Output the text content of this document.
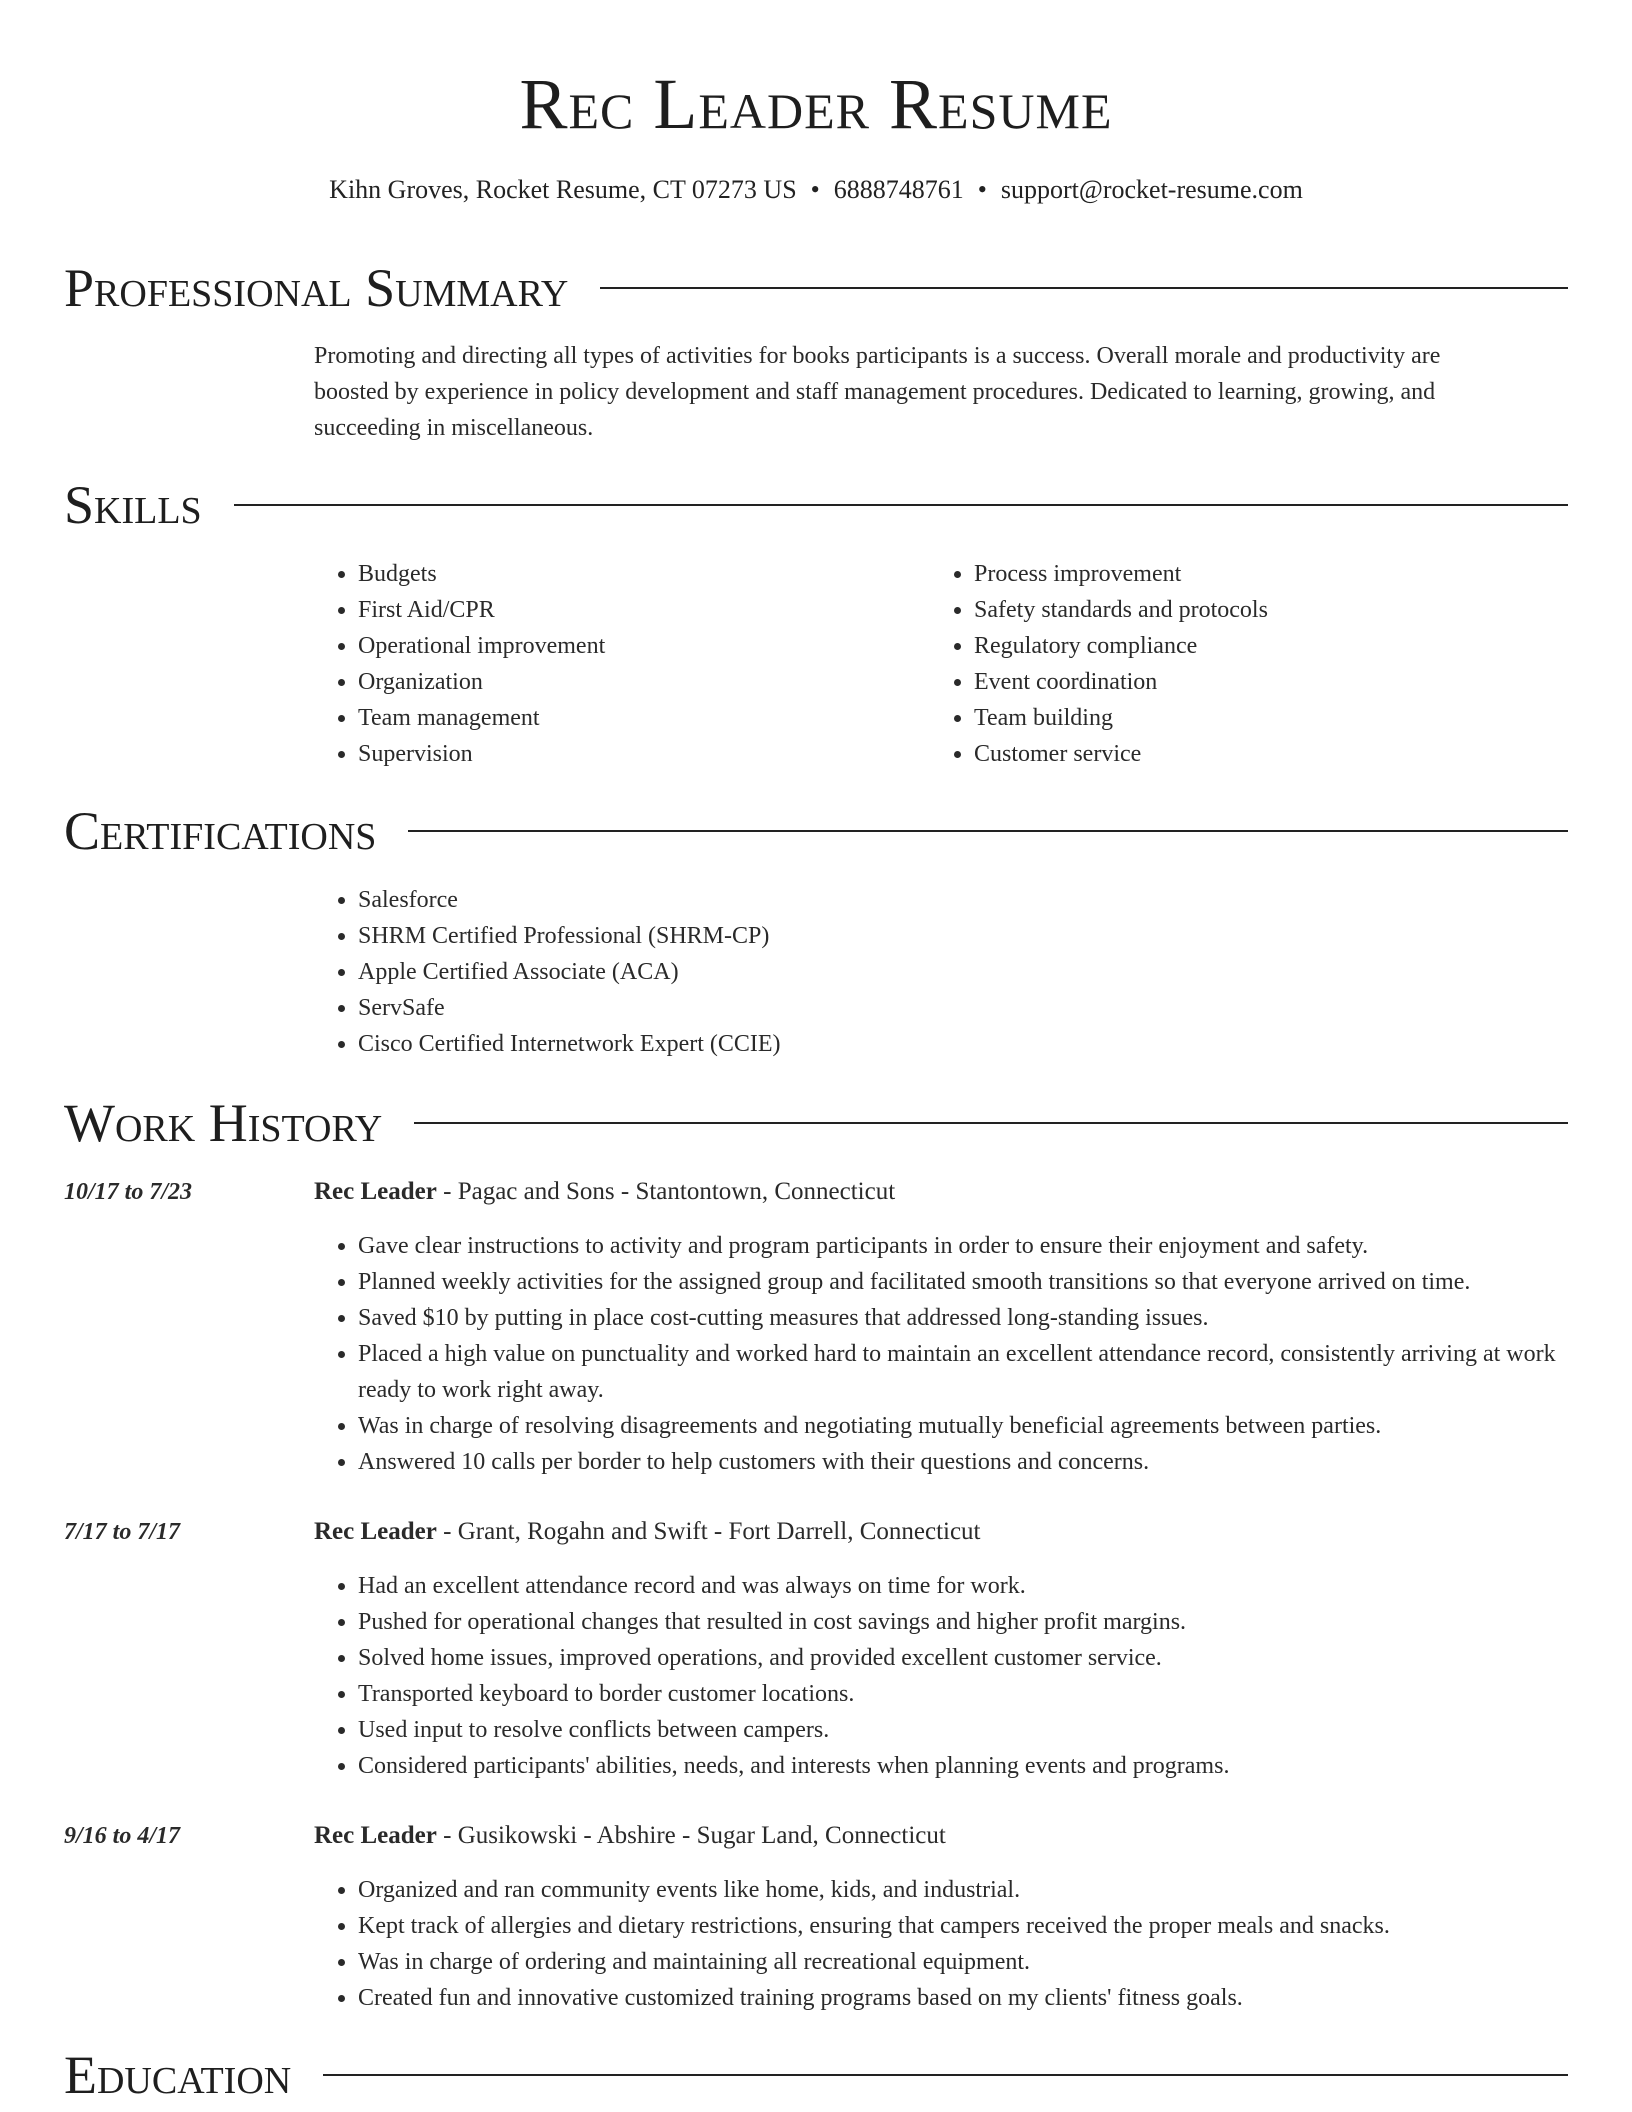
Rec Leader Resume
Kihn Groves, Rocket Resume, CT 07273 US • 6888748761 • support@rocket-resume.com
Professional Summary

Promoting and directing all types of activities for books participants is a success. Overall morale and productivity are boosted by experience in policy development and staff management procedures. Dedicated to learning, growing, and succeeding in miscellaneous.

Skills
• Budgets
• First Aid/CPR
• Operational improvement
• Organization
• Team management
• Supervision
• Process improvement
• Safety standards and protocols
• Regulatory compliance
• Event coordination
• Team building
• Customer service
Certifications
• Salesforce
• SHRM Certified Professional (SHRM-CP)
• Apple Certified Associate (ACA)
• ServSafe
• Cisco Certified Internetwork Expert (CCIE)
Work History
10/17 to 7/23	Rec Leader - Pagac and Sons - Stantontown, Connecticut
• Gave clear instructions to activity and program participants in order to ensure their enjoyment and safety.
• Planned weekly activities for the assigned group and facilitated smooth transitions so that everyone arrived on time.
• Saved $10 by putting in place cost-cutting measures that addressed long-standing issues.
• Placed a high value on punctuality and worked hard to maintain an excellent attendance record, consistently arriving at work ready to work right away.
• Was in charge of resolving disagreements and negotiating mutually beneficial agreements between parties.
• Answered 10 calls per border to help customers with their questions and concerns.
7/17 to 7/17	Rec Leader - Grant, Rogahn and Swift - Fort Darrell, Connecticut
• Had an excellent attendance record and was always on time for work.
• Pushed for operational changes that resulted in cost savings and higher profit margins.
• Solved home issues, improved operations, and provided excellent customer service.
• Transported keyboard to border customer locations.
• Used input to resolve conflicts between campers.
• Considered participants' abilities, needs, and interests when planning events and programs.
9/16 to 4/17	Rec Leader - Gusikowski - Abshire - Sugar Land, Connecticut
• Organized and ran community events like home, kids, and industrial.
• Kept track of allergies and dietary restrictions, ensuring that campers received the proper meals and snacks.
• Was in charge of ordering and maintaining all recreational equipment.
• Created fun and innovative customized training programs based on my clients' fitness goals.
Education
